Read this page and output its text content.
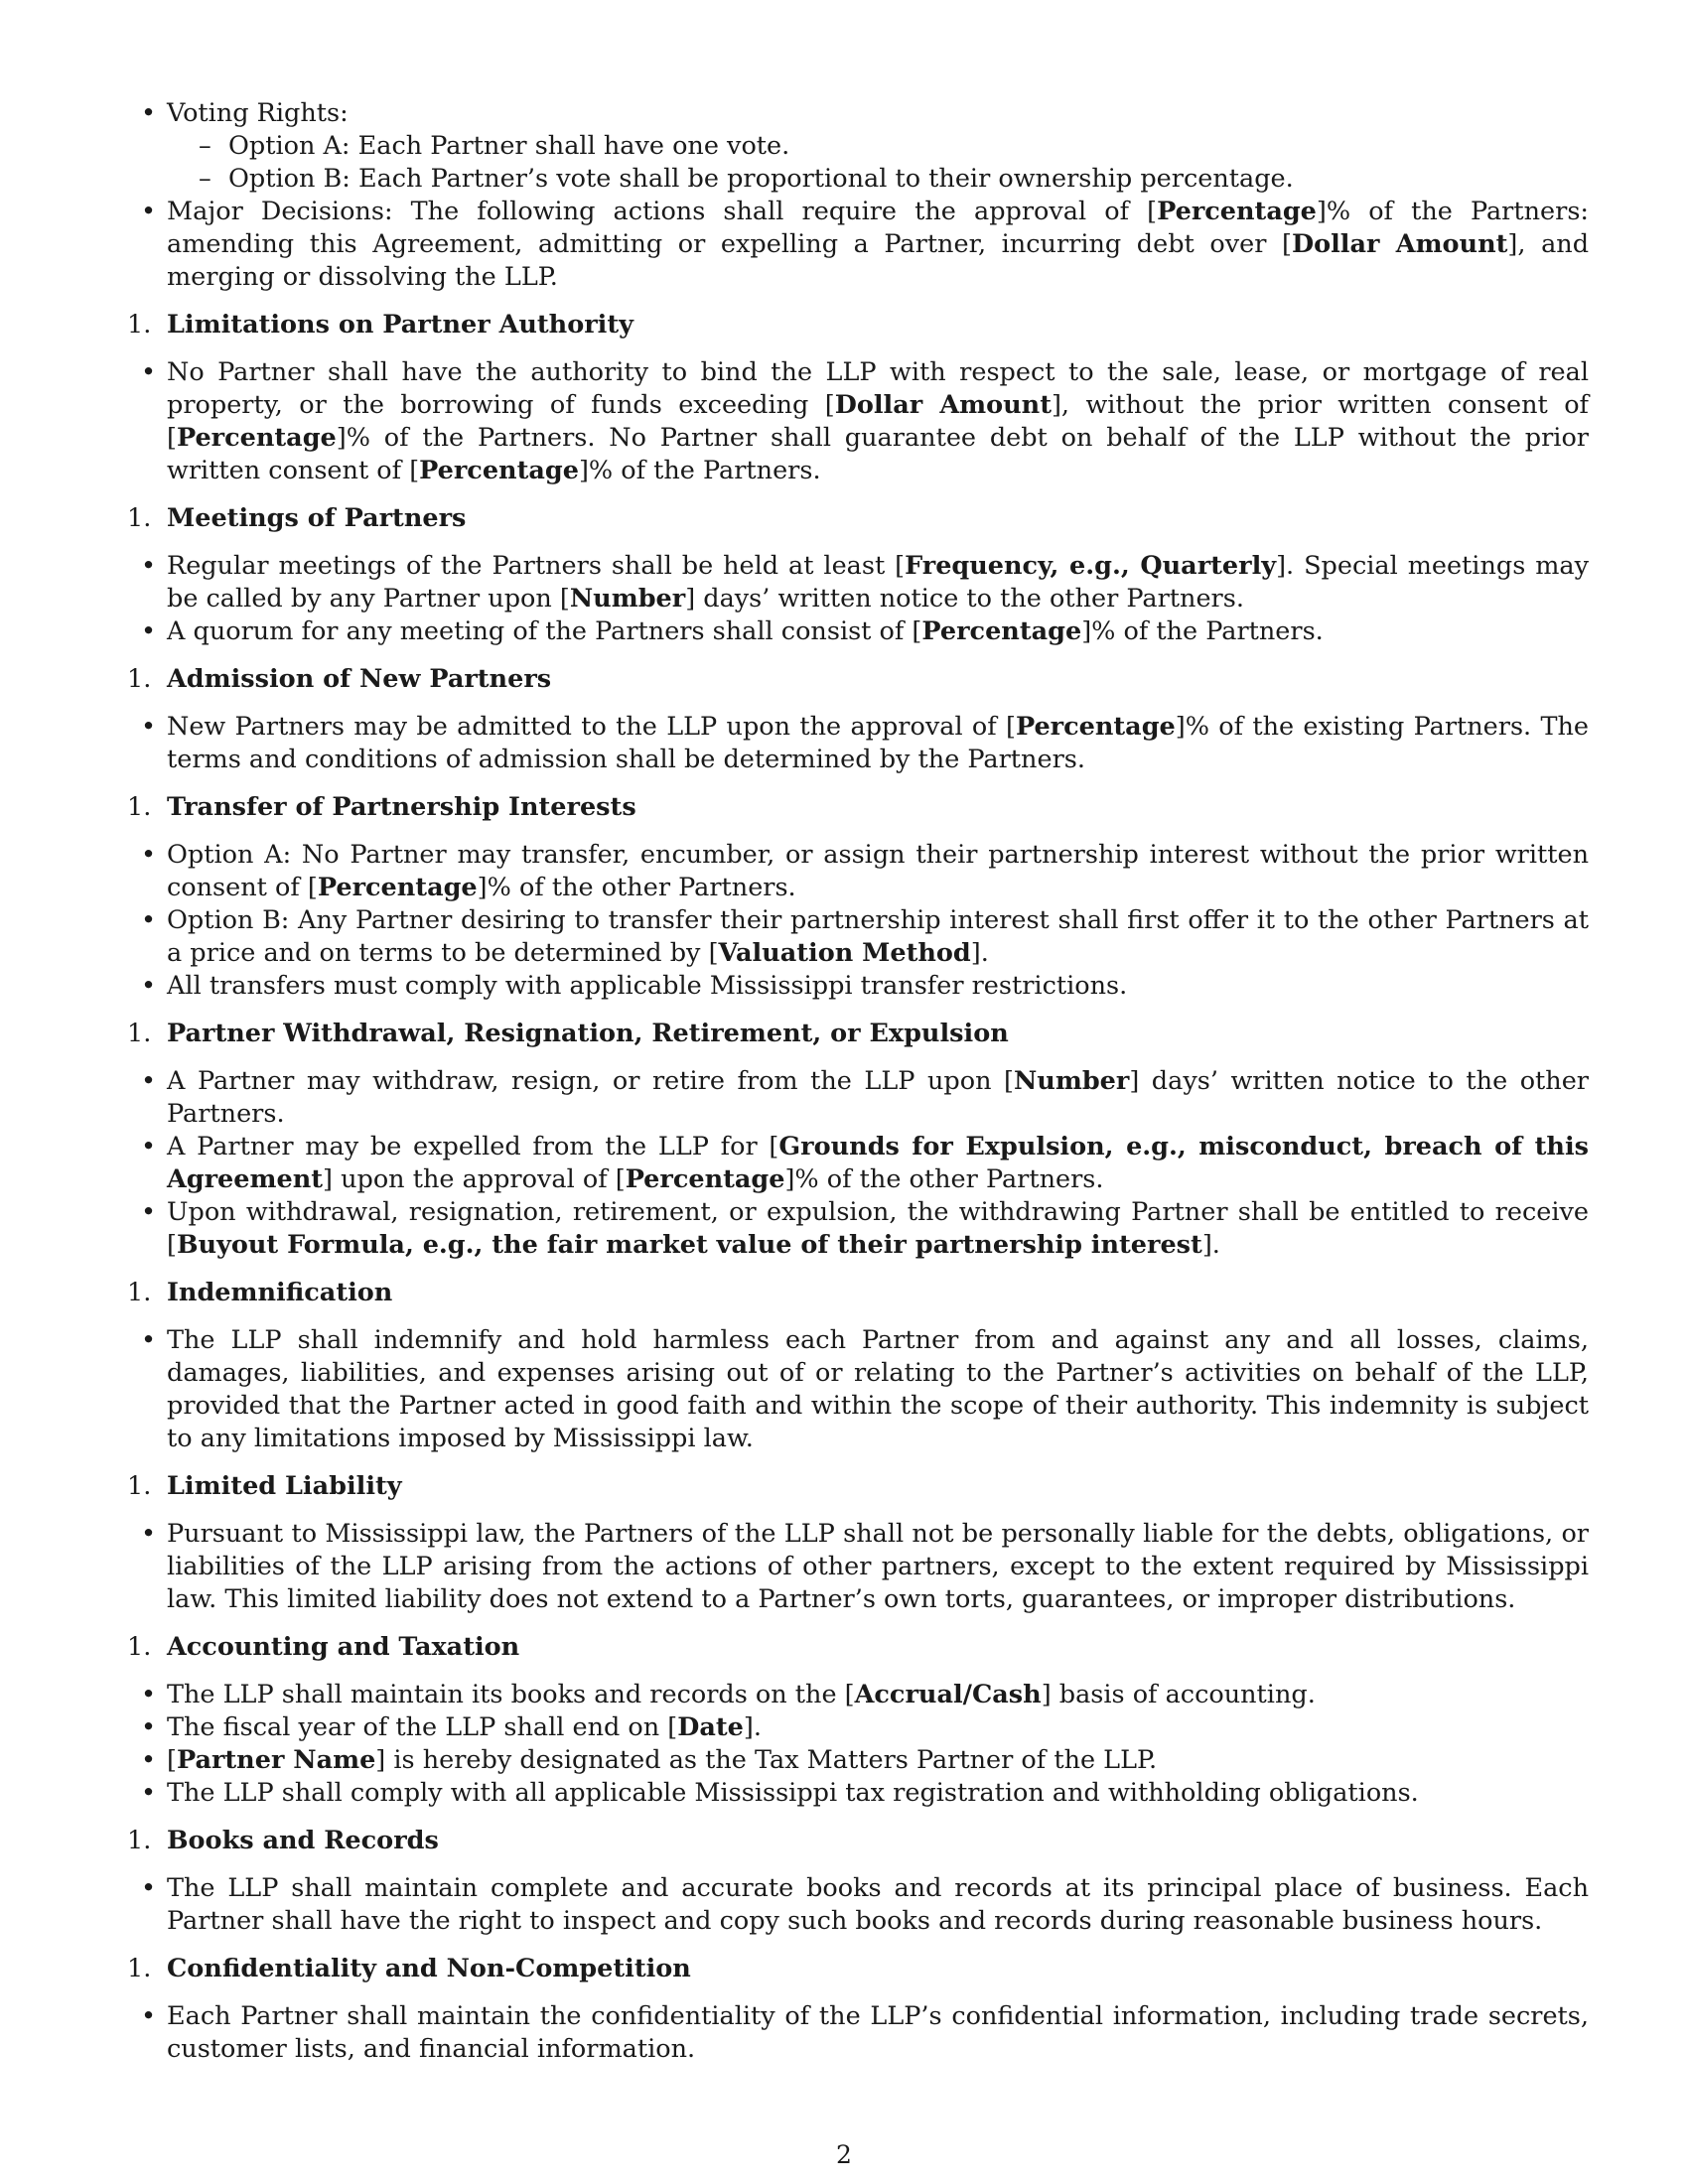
• Voting Rights:
– Option A: Each Partner shall have one vote.
– Option B: Each Partner’s vote shall be proportional to their ownership percentage.
• Major Decisions: The following actions shall require the approval of [Percentage]% of the Partners: amending this Agreement, admitting or expelling a Partner, incurring debt over [Dollar Amount], and merging or dissolving the LLP.
1. Limitations on Partner Authority
• No Partner shall have the authority to bind the LLP with respect to the sale, lease, or mortgage of real property, or the borrowing of funds exceeding [Dollar Amount], without the prior written consent of [Percentage]% of the Partners. No Partner shall guarantee debt on behalf of the LLP without the prior written consent of [Percentage]% of the Partners.
1. Meetings of Partners
• Regular meetings of the Partners shall be held at least [Frequency, e.g., Quarterly]. Special meetings may be called by any Partner upon [Number] days’ written notice to the other Partners.
• A quorum for any meeting of the Partners shall consist of [Percentage]% of the Partners.
1. Admission of New Partners
• New Partners may be admitted to the LLP upon the approval of [Percentage]% of the existing Partners. The terms and conditions of admission shall be determined by the Partners.
1. Transfer of Partnership Interests
• Option A: No Partner may transfer, encumber, or assign their partnership interest without the prior written consent of [Percentage]% of the other Partners.
• Option B: Any Partner desiring to transfer their partnership interest shall first offer it to the other Partners at a price and on terms to be determined by [Valuation Method].
• All transfers must comply with applicable Mississippi transfer restrictions.
1. Partner Withdrawal, Resignation, Retirement, or Expulsion
• A Partner may withdraw, resign, or retire from the LLP upon [Number] days’ written notice to the other Partners.
• A Partner may be expelled from the LLP for [Grounds for Expulsion, e.g., misconduct, breach of this Agreement] upon the approval of [Percentage]% of the other Partners.
• Upon withdrawal, resignation, retirement, or expulsion, the withdrawing Partner shall be entitled to receive [Buyout Formula, e.g., the fair market value of their partnership interest].
1. Indemnification
• The LLP shall indemnify and hold harmless each Partner from and against any and all losses, claims, damages, liabilities, and expenses arising out of or relating to the Partner’s activities on behalf of the LLP, provided that the Partner acted in good faith and within the scope of their authority. This indemnity is subject to any limitations imposed by Mississippi law.
1. Limited Liability
• Pursuant to Mississippi law, the Partners of the LLP shall not be personally liable for the debts, obligations, or liabilities of the LLP arising from the actions of other partners, except to the extent required by Mississippi law. This limited liability does not extend to a Partner’s own torts, guarantees, or improper distributions.
1. Accounting and Taxation
• The LLP shall maintain its books and records on the [Accrual/Cash] basis of accounting.
• The fiscal year of the LLP shall end on [Date].
• [Partner Name] is hereby designated as the Tax Matters Partner of the LLP.
• The LLP shall comply with all applicable Mississippi tax registration and withholding obligations.
1. Books and Records
• The LLP shall maintain complete and accurate books and records at its principal place of business. Each Partner shall have the right to inspect and copy such books and records during reasonable business hours.
1. Confidentiality and Non-Competition
• Each Partner shall maintain the confidentiality of the LLP’s confidential information, including trade secrets, customer lists, and financial information.
2
